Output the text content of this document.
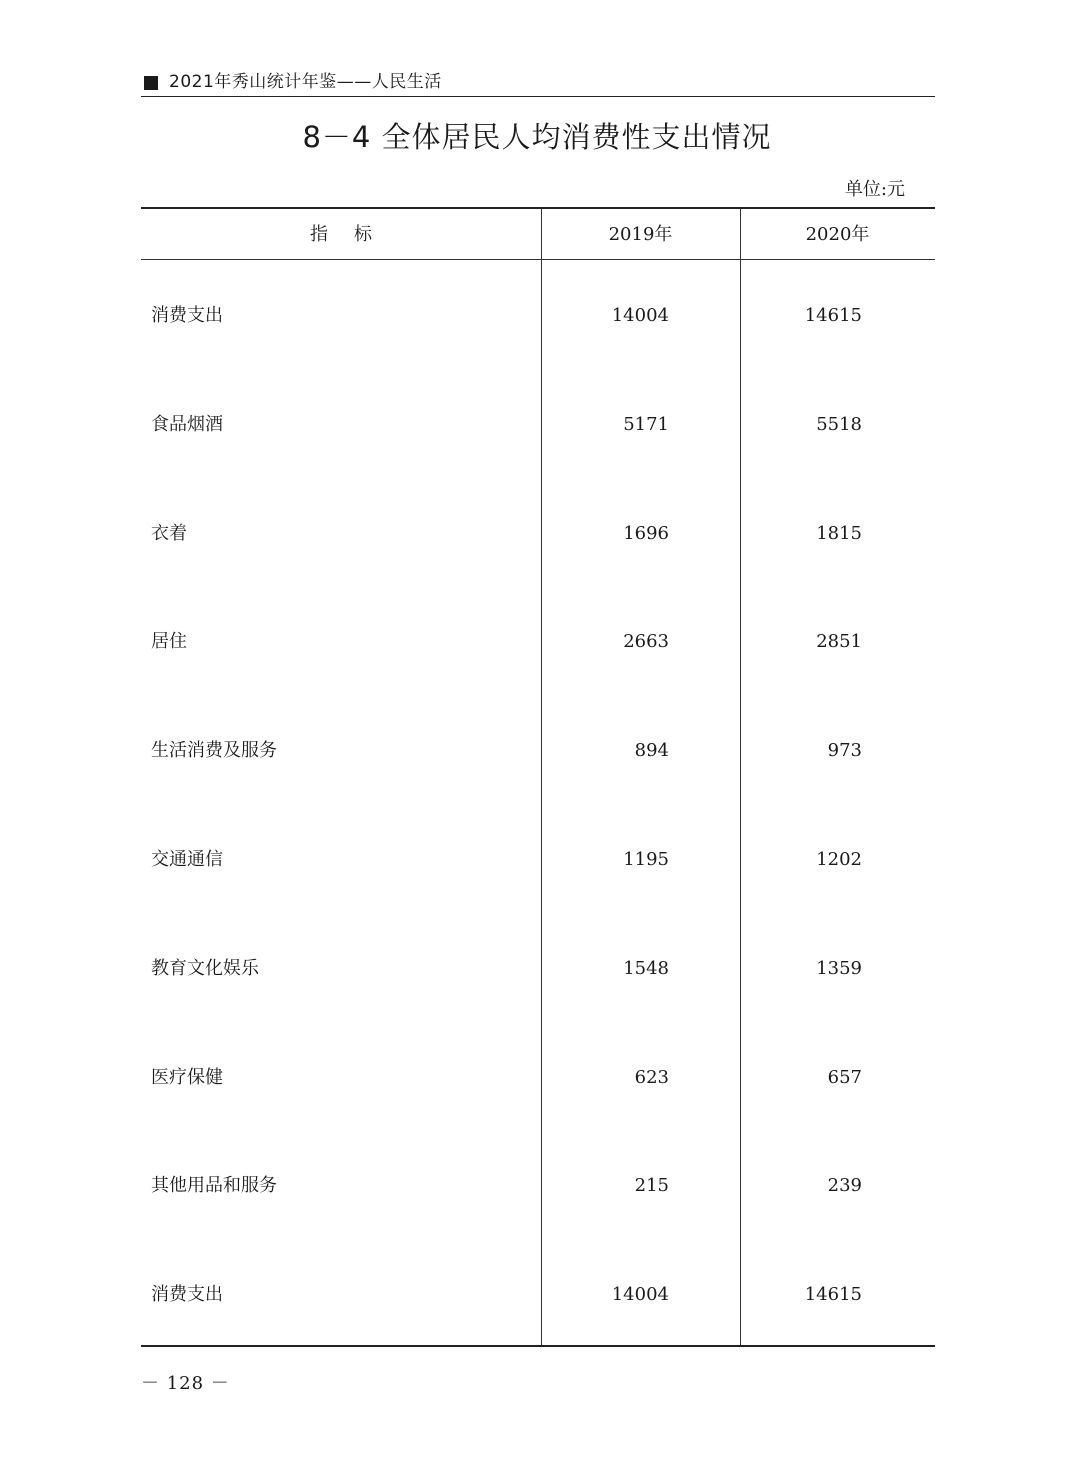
2021年秀山统计年鉴——人民生活
8－4 全体居民人均消费性支出情况
单位:元
指标	2019年	2020年
消费支出	14004	14615
食品烟酒	5171	5518
衣着	1696	1815
居住	2663	2851
生活消费及服务	894	973
交通通信	1195	1202
教育文化娱乐	1548	1359
医疗保健	623	657
其他用品和服务	215	239
消费支出	14004	14615
－ 128 －
